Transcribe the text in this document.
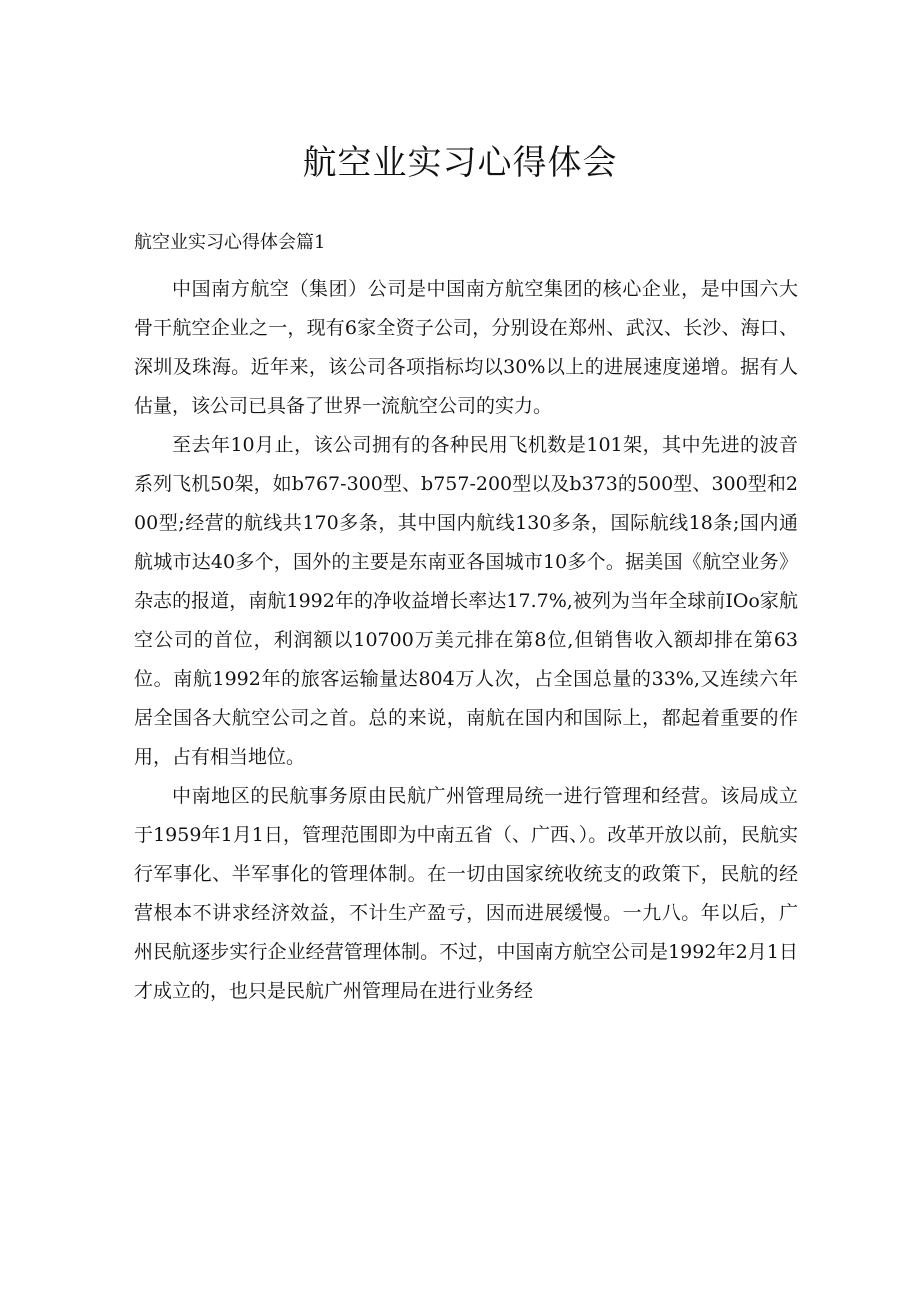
航空业实习心得体会

航空业实习心得体会篇1

中国南方航空（集团）公司是中国南方航空集团的核心企业，是中国六大骨干航空企业之一，现有6家全资子公司，分别设在郑州、武汉、长沙、海口、深圳及珠海。近年来，该公司各项指标均以30%以上的进展速度递增。据有人估量，该公司已具备了世界一流航空公司的实力。

至去年10月止，该公司拥有的各种民用飞机数是101架，其中先进的波音系列飞机50架，如b767-300型、b757-200型以及b373的500型、300型和200型;经营的航线共170多条，其中国内航线130多条，国际航线18条;国内通航城市达40多个，国外的主要是东南亚各国城市10多个。据美国《航空业务》杂志的报道，南航1992年的净收益增长率达17.7%,被列为当年全球前IOo家航空公司的首位，利润额以10700万美元排在第8位,但销售收入额却排在第63位。南航1992年的旅客运输量达804万人次，占全国总量的33%,又连续六年居全国各大航空公司之首。总的来说，南航在国内和国际上，都起着重要的作用，占有相当地位。

中南地区的民航事务原由民航广州管理局统一进行管理和经营。该局成立于1959年1月1日，管理范围即为中南五省（、广西、）。改革开放以前，民航实行军事化、半军事化的管理体制。在一切由国家统收统支的政策下，民航的经营根本不讲求经济效益，不计生产盈亏，因而进展缓慢。一九八。年以后，广州民航逐步实行企业经营管理体制。不过，中国南方航空公司是1992年2月1日才成立的，也只是民航广州管理局在进行业务经
